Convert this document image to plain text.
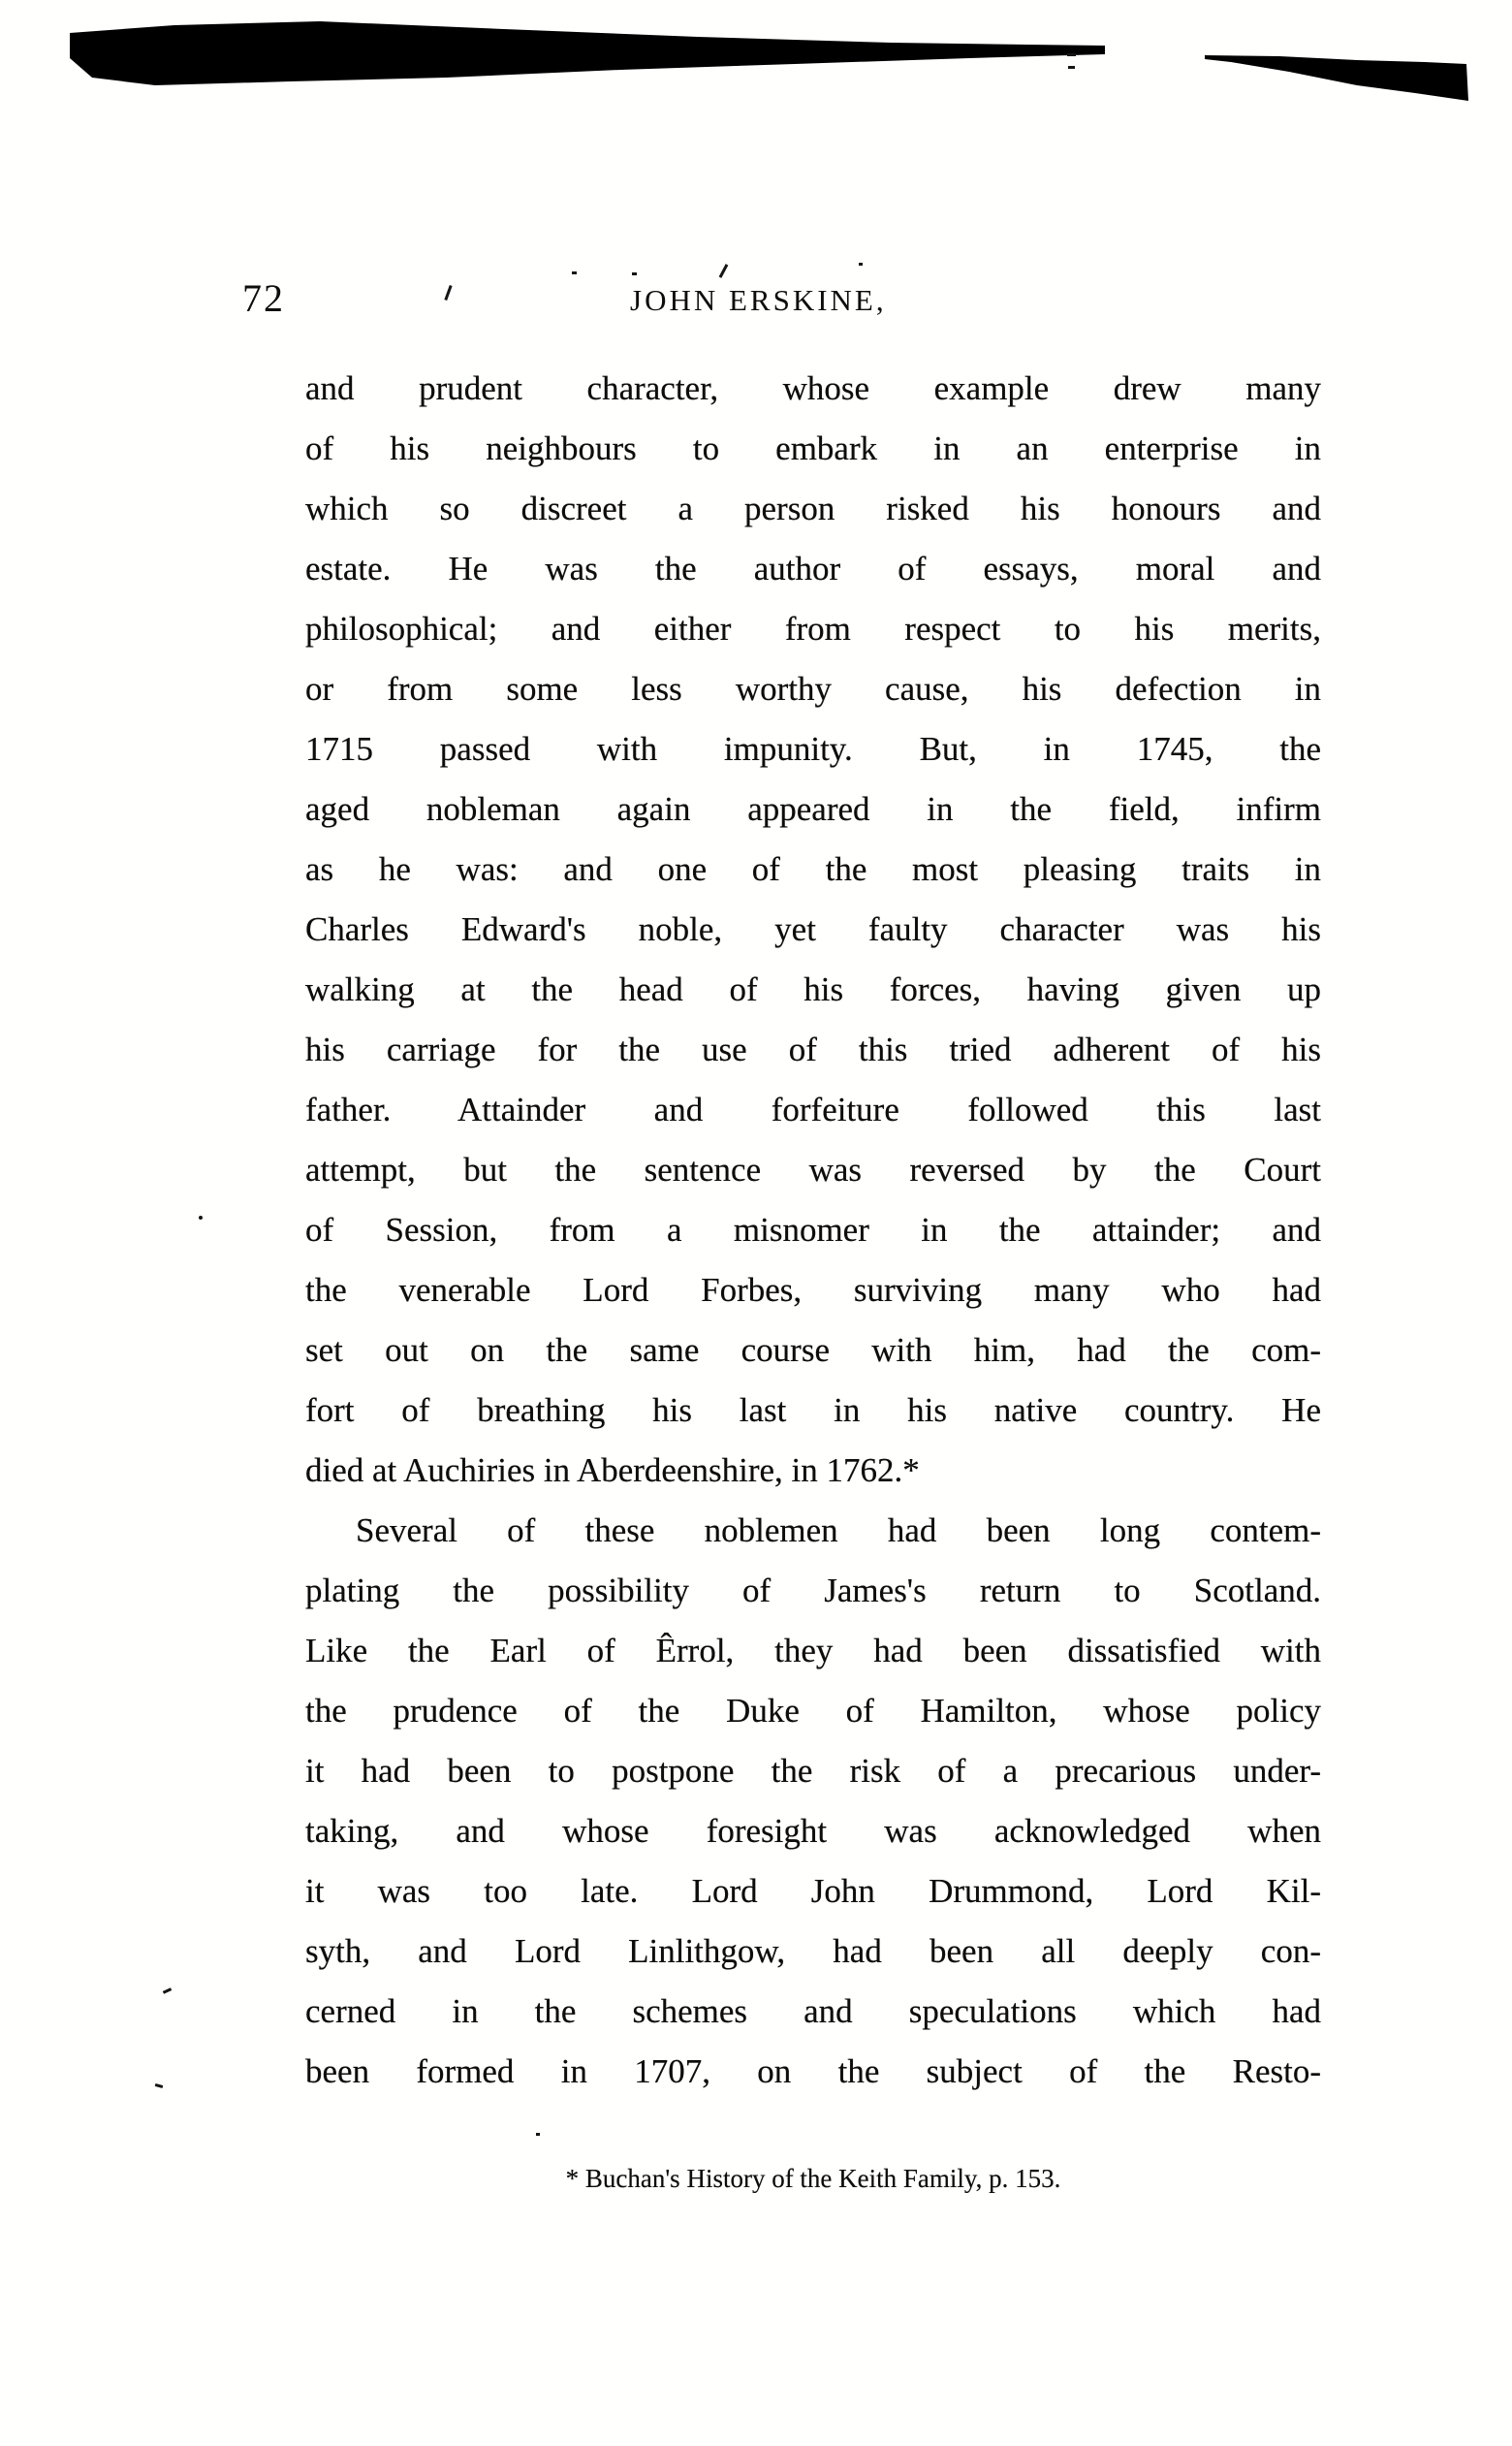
72	JOHN ERSKINE,
and prudent character, whose example drew many
of his neighbours to embark in an enterprise in
which so discreet a person risked his honours and
estate. He was the author of essays, moral and
philosophical; and either from respect to his merits,
or from some less worthy cause, his defection in
1715 passed with impunity. But, in 1745, the
aged nobleman again appeared in the field, infirm
as he was: and one of the most pleasing traits in
Charles Edward's noble, yet faulty character was his
walking at the head of his forces, having given up
his carriage for the use of this tried adherent of his
father. Attainder and forfeiture followed this last
attempt, but the sentence was reversed by the Court
of Session, from a misnomer in the attainder; and
the venerable Lord Forbes, surviving many who had
set out on the same course with him, had the com-
fort of breathing his last in his native country. He
died at Auchiries in Aberdeenshire, in 1762.*
Several of these noblemen had been long contem-
plating the possibility of James's return to Scotland.
Like the Earl of Êrrol, they had been dissatisfied with
the prudence of the Duke of Hamilton, whose policy
it had been to postpone the risk of a precarious under-
taking, and whose foresight was acknowledged when
it was too late. Lord John Drummond, Lord Kil-
syth, and Lord Linlithgow, had been all deeply con-
cerned in the schemes and speculations which had
been formed in 1707, on the subject of the Resto-
* Buchan's History of the Keith Family, p. 153.
